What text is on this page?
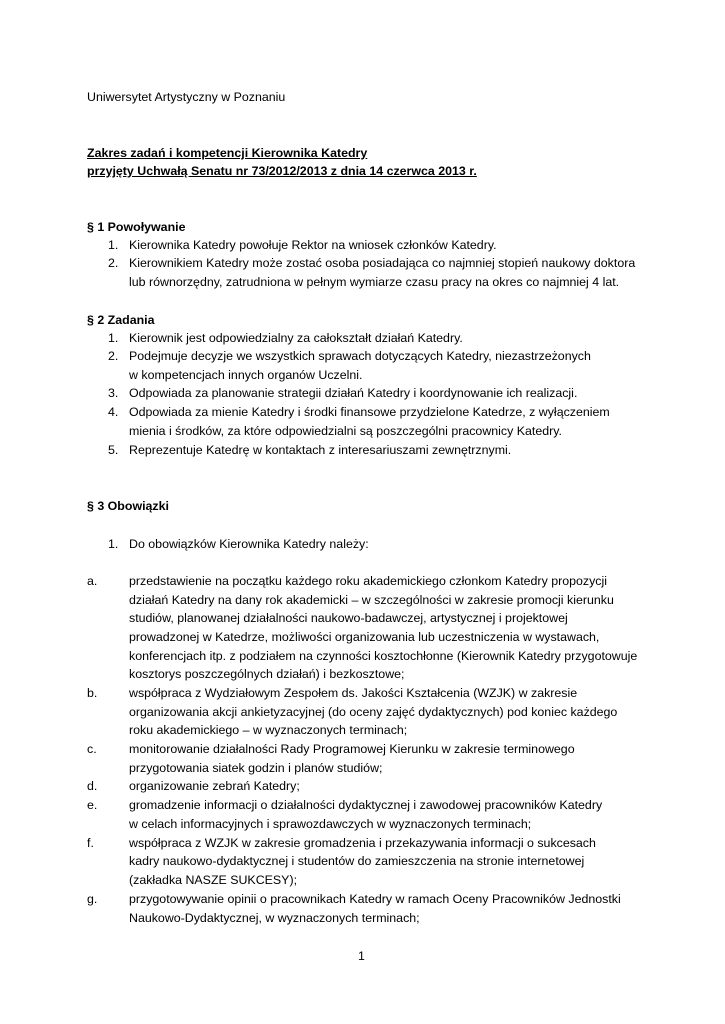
Uniwersytet Artystyczny w Poznaniu
Zakres zadań i kompetencji Kierownika Katedry
przyjęty Uchwałą Senatu nr 73/2012/2013 z dnia 14 czerwca 2013 r.
§ 1 Powoływanie
1. Kierownika Katedry powołuje Rektor na wniosek członków Katedry.
2. Kierownikiem Katedry może zostać osoba posiadająca co najmniej stopień naukowy doktora
lub równorzędny, zatrudniona w pełnym wymiarze czasu pracy na okres co najmniej 4 lat.
§ 2 Zadania
1. Kierownik jest odpowiedzialny za całokształt działań Katedry.
2. Podejmuje decyzje we wszystkich sprawach dotyczących Katedry, niezastrzeżonych
w kompetencjach innych organów Uczelni.
3. Odpowiada za planowanie strategii działań Katedry i koordynowanie ich realizacji.
4. Odpowiada za mienie Katedry i środki finansowe przydzielone Katedrze, z wyłączeniem
mienia i środków, za które odpowiedzialni są poszczególni pracownicy Katedry.
5. Reprezentuje Katedrę w kontaktach z interesariuszami zewnętrznymi.
§ 3 Obowiązki
1. Do obowiązków Kierownika Katedry należy:
a.	przedstawienie na początku każdego roku akademickiego członkom Katedry propozycji
działań Katedry na dany rok akademicki – w szczególności w zakresie promocji kierunku
studiów, planowanej działalności naukowo-badawczej, artystycznej i projektowej
prowadzonej w Katedrze, możliwości organizowania lub uczestniczenia w wystawach,
konferencjach itp. z podziałem na czynności kosztochłonne (Kierownik Katedry przygotowuje
kosztorys poszczególnych działań) i bezkosztowe;
b.	współpraca z Wydziałowym Zespołem ds. Jakości Kształcenia (WZJK) w zakresie
organizowania akcji ankietyzacyjnej (do oceny zajęć dydaktycznych) pod koniec każdego
roku akademickiego – w wyznaczonych terminach;
c.	monitorowanie działalności Rady Programowej Kierunku w zakresie terminowego
przygotowania siatek godzin i planów studiów;
d.	organizowanie zebrań Katedry;
e.	gromadzenie informacji o działalności dydaktycznej i zawodowej pracowników Katedry
w celach informacyjnych i sprawozdawczych w wyznaczonych terminach;
f.	współpraca z WZJK w zakresie gromadzenia i przekazywania informacji o sukcesach
kadry naukowo-dydaktycznej i studentów do zamieszczenia na stronie internetowej
(zakładka NASZE SUKCESY);
g.	przygotowywanie opinii o pracownikach Katedry w ramach Oceny Pracowników Jednostki
Naukowo-Dydaktycznej, w wyznaczonych terminach;
1
